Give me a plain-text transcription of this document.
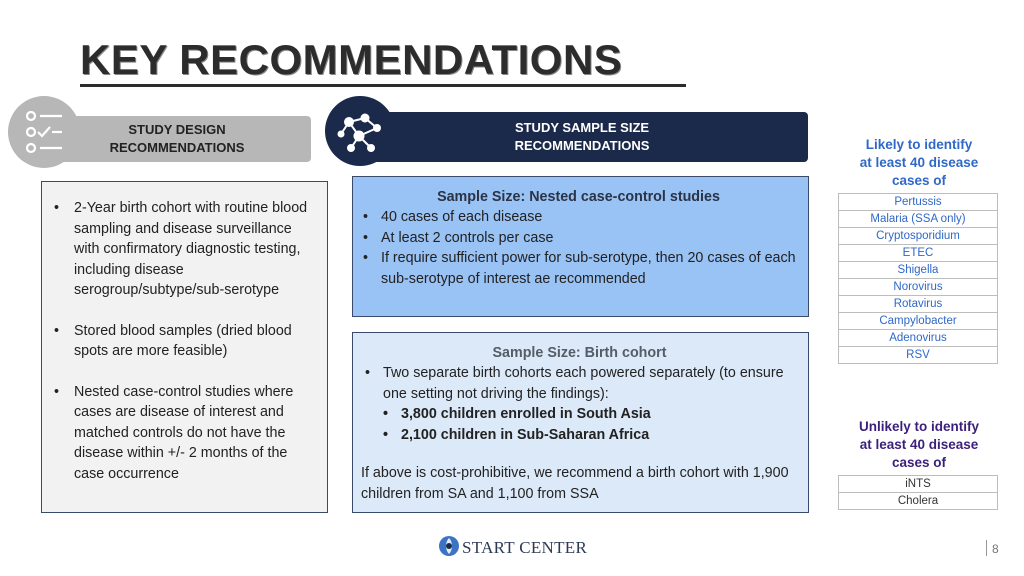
KEY RECOMMENDATIONS
STUDY DESIGN
RECOMMENDATIONS
STUDY SAMPLE SIZE
RECOMMENDATIONS
• 2-Year birth cohort with routine blood sampling and disease surveillance with confirmatory diagnostic testing, including disease serogroup/subtype/sub-serotype
• Stored blood samples (dried blood spots are more feasible)
• Nested case-control studies where cases are disease of interest and matched controls do not have the disease within +/- 2 months of the case occurrence
Sample Size: Nested case-control studies
• 40 cases of each disease
• At least 2 controls per case
• If require sufficient power for sub-serotype, then 20 cases of each sub-serotype of interest ae recommended
Sample Size: Birth cohort
• Two separate birth cohorts each powered separately (to ensure one setting not driving the findings):
• 3,800 children enrolled in South Asia
• 2,100 children in Sub-Saharan Africa
If above is cost-prohibitive, we recommend a birth cohort with 1,900 children from SA and 1,100 from SSA
Likely to identify
at least 40 disease
cases of
Pertussis
Malaria (SSA only)
Cryptosporidium
ETEC
Shigella
Norovirus
Rotavirus
Campylobacter
Adenovirus
RSV
Unlikely to identify
at least 40 disease
cases of
iNTS
Cholera
START CENTER	8
